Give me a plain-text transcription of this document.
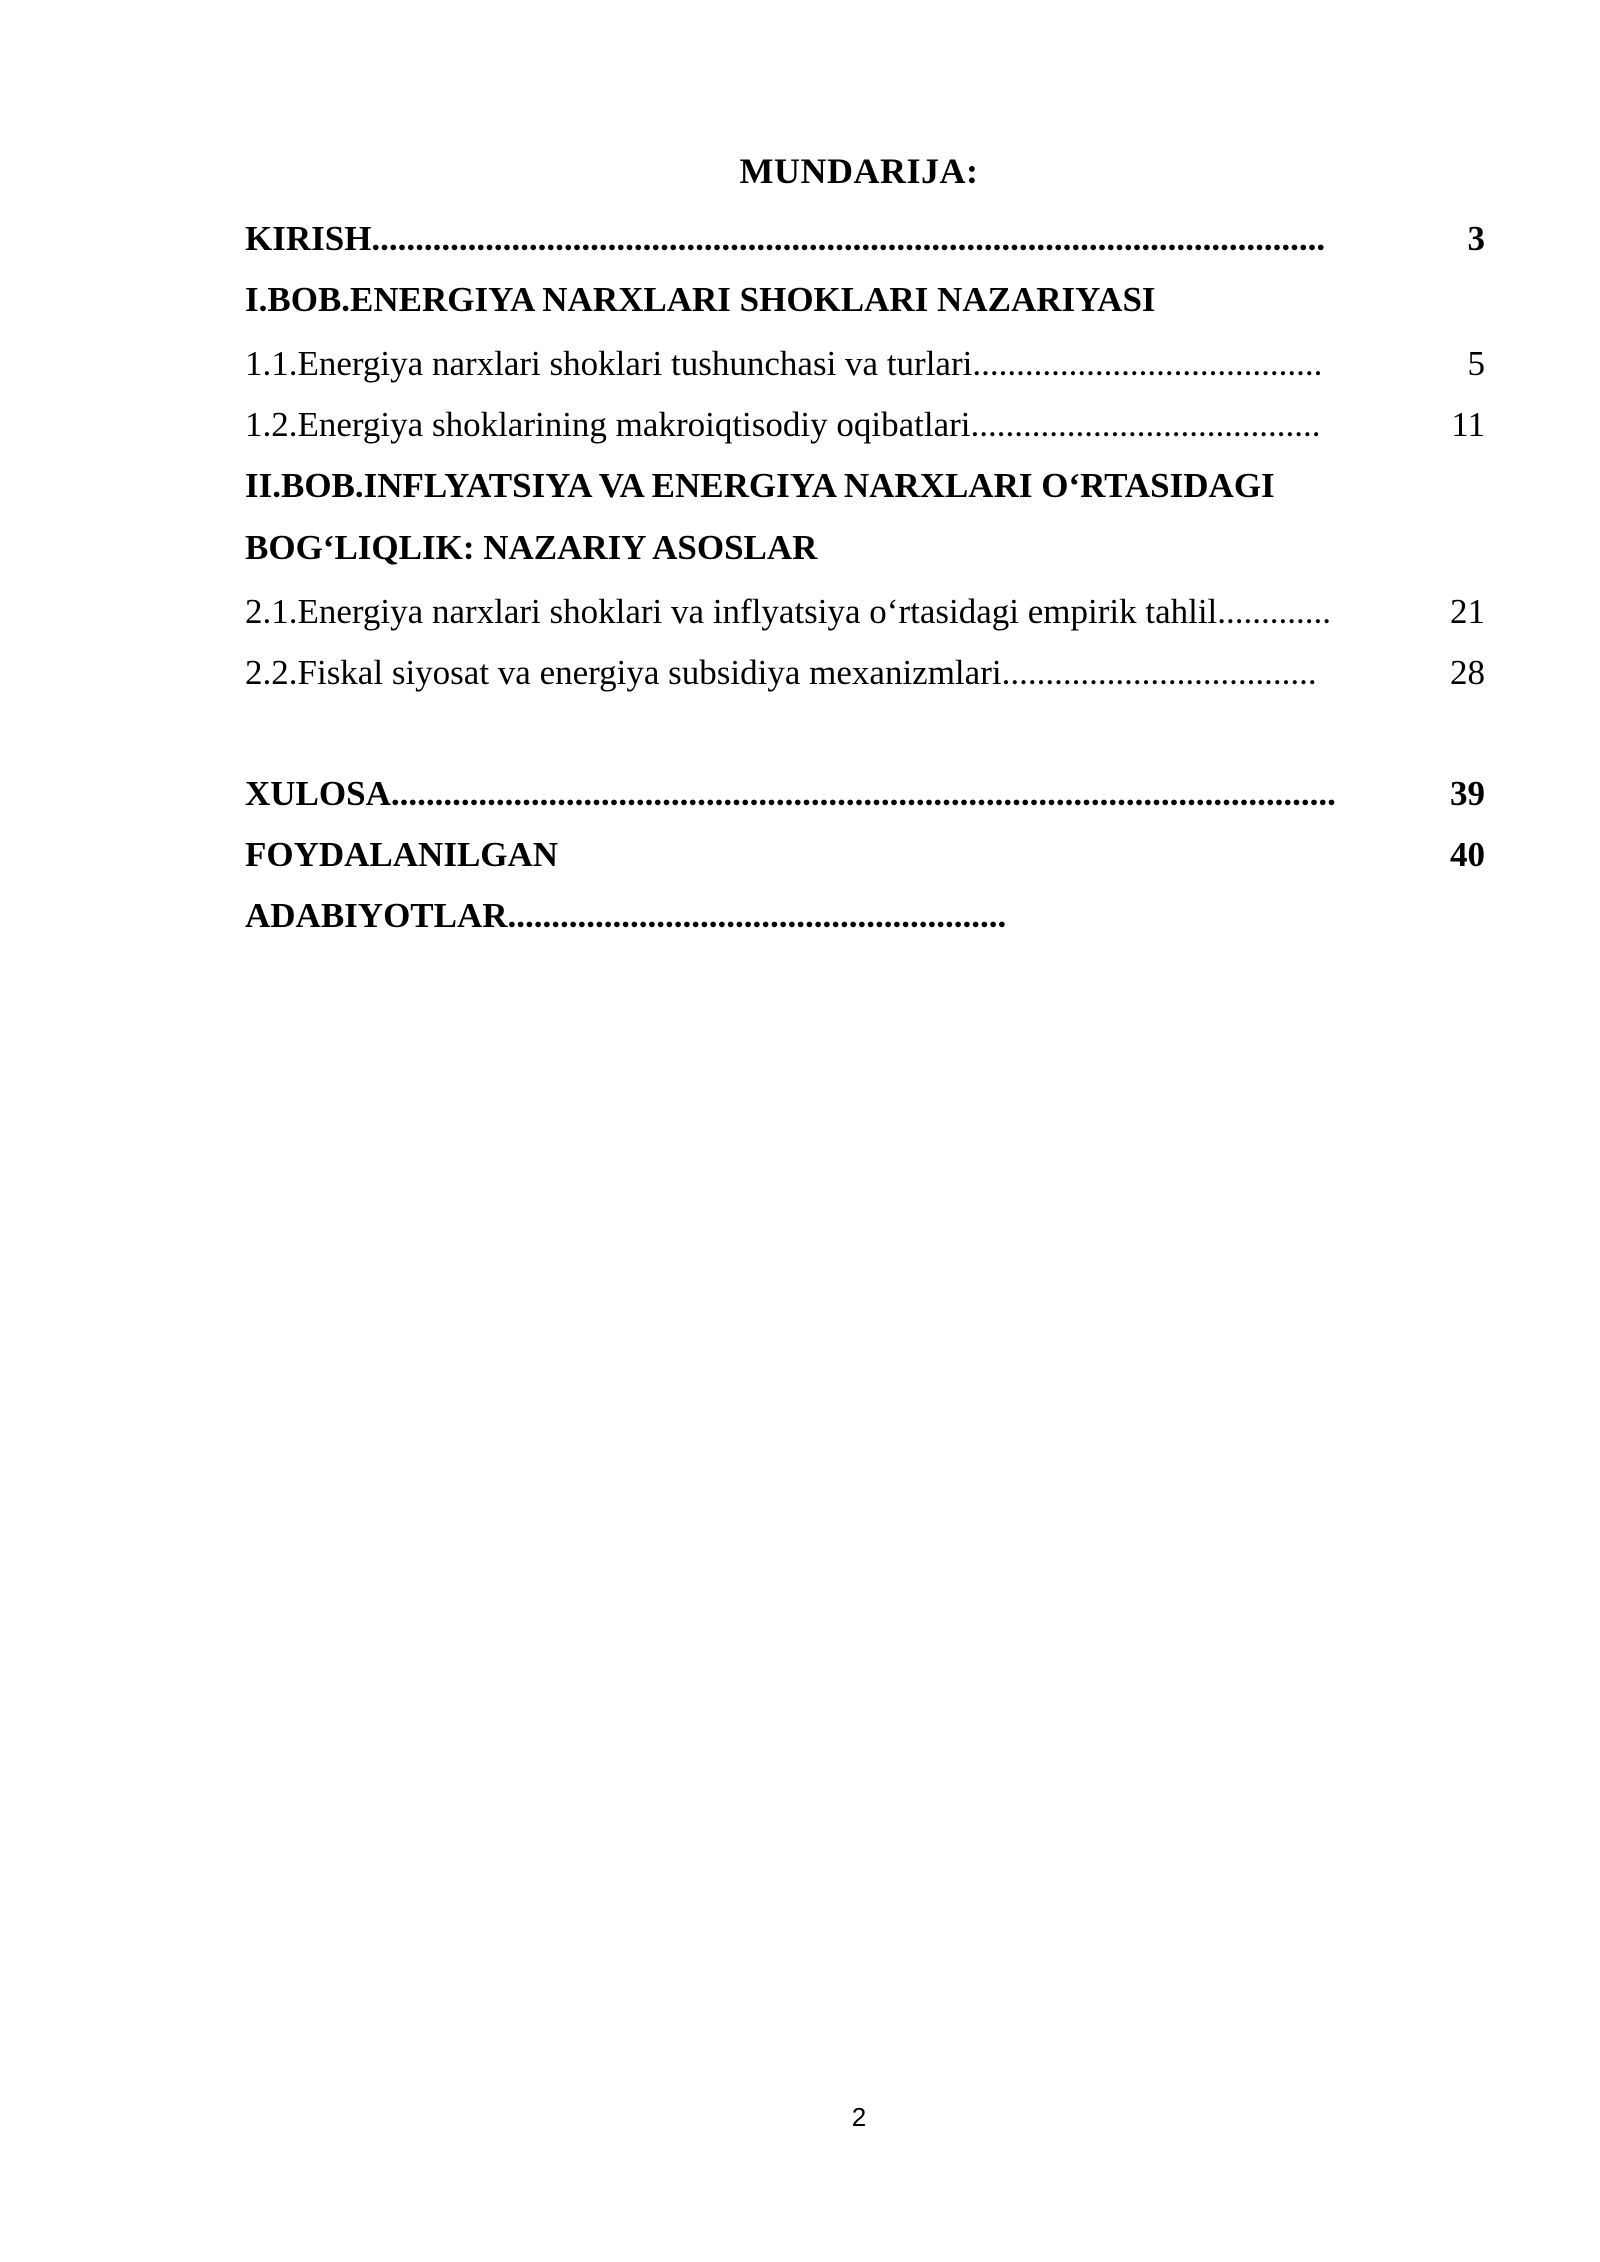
MUNDARIJA:
KIRISH.............................................................................................................	3
I.BOB.ENERGIYA NARXLARI SHOKLARI NAZARIYASI
1.1.Energiya narxlari shoklari tushunchasi va turlari........................................	5
1.2.Energiya shoklarining makroiqtisodiy oqibatlari........................................	11
II.BOB.INFLYATSIYA VA ENERGIYA NARXLARI O‘RTASIDAGI
BOG‘LIQLIK: NAZARIY ASOSLAR
2.1.Energiya narxlari shoklari va inflyatsiya o‘rtasidagi empirik tahlil.............	21
2.2.Fiskal siyosat va energiya subsidiya mexanizmlari....................................	28
XULOSA............................................................................................................	39
FOYDALANILGAN	40
ADABIYOTLAR.........................................................
2
